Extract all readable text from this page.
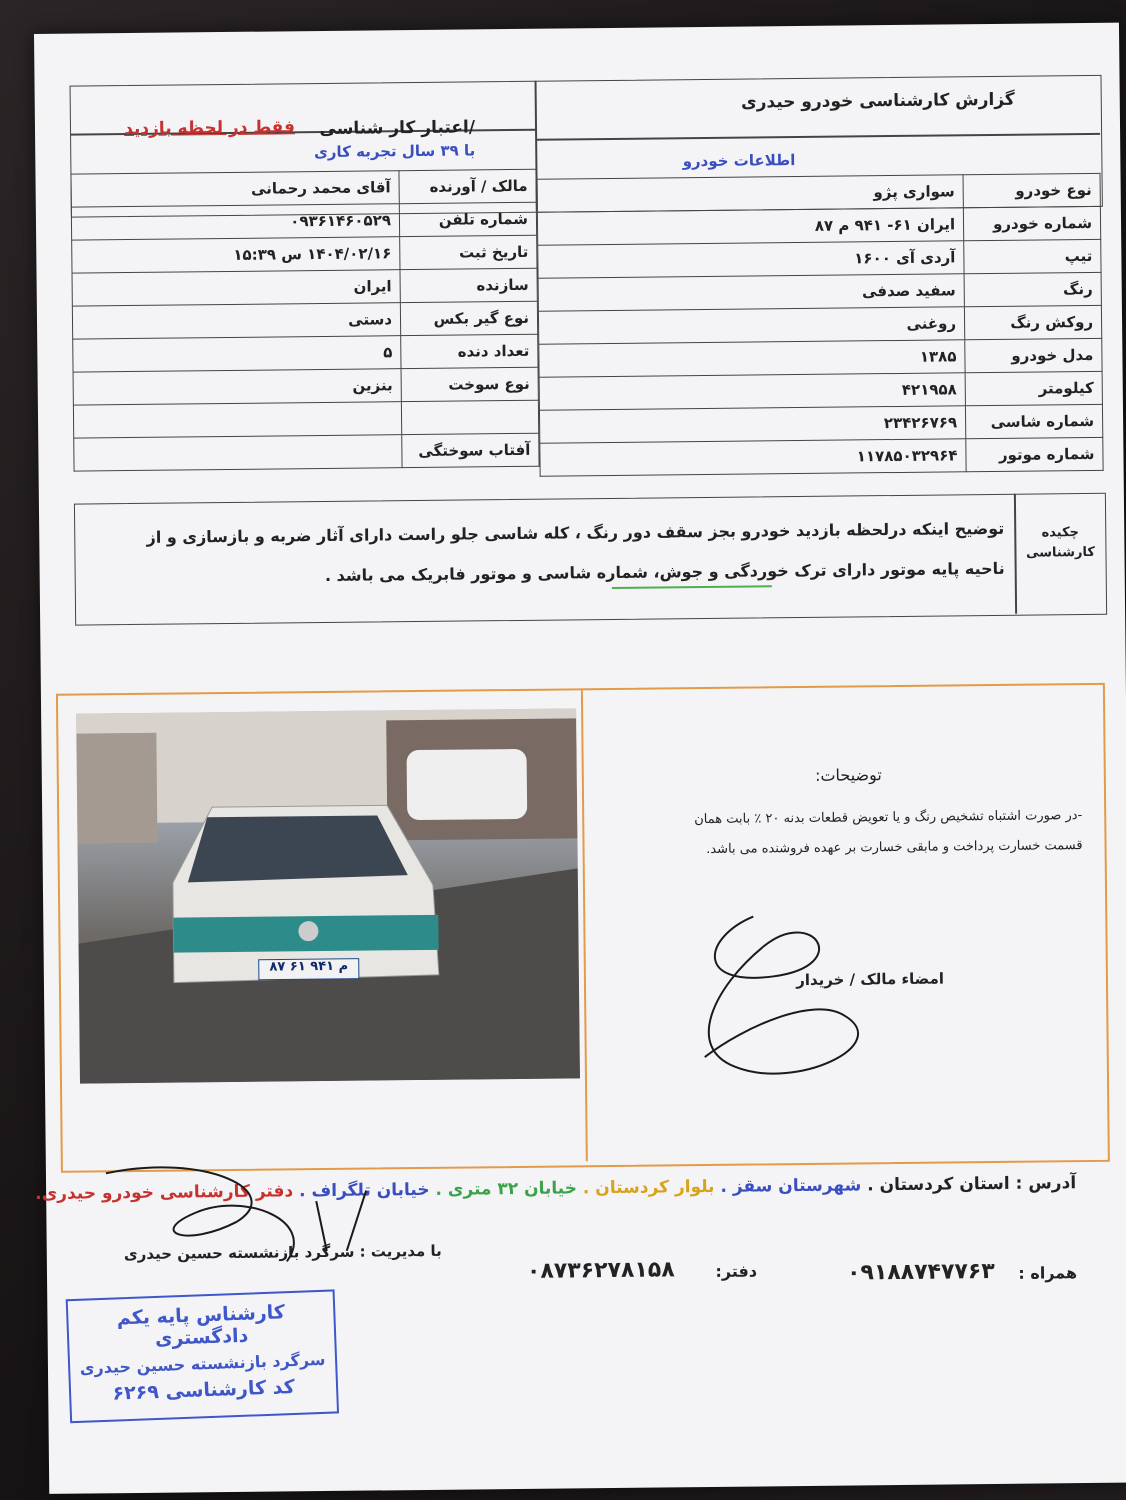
گزارش کارشناسی خودرو حیدری
اطلاعات خودرو
/اعتبار کار شناسی
فقط در لحظه بازدید
با ۳۹ سال تجربه کاری
مالک / آورنده	آقای محمد رحمانی
شماره تلفن	۰۹۳۶۱۴۶۰۵۲۹
تاریخ ثبت	۱۴۰۴/۰۲/۱۶ س ۱۵:۳۹
سازنده	ایران
نوع گیر بکس	دستی
تعداد دنده	۵
نوع سوخت	بنزین

آفتاب سوختگی	
نوع خودرو	سواری پژو
شماره خودرو	ایران ۶۱- ۹۴۱ م ۸۷
تیپ	آردی آی ۱۶۰۰
رنگ	سفید صدفی
روکش رنگ	روغنی
مدل خودرو	۱۳۸۵
کیلومتر	۴۲۱۹۵۸
شماره شاسی	۲۳۴۲۶۷۶۹
شماره موتور	۱۱۷۸۵۰۳۲۹۶۴
چکیده کارشناسی
توضیح اینکه درلحظه بازدید خودرو بجز سقف دور رنگ ، کله شاسی جلو راست دارای آثار ضربه و بازسازی و از
ناحیه پایه موتور دارای ترک خوردگی و جوش، شماره شاسی و موتور فابریک می باشد .
۸۷ م ۹۴۱ ۶۱
توضیحات:
-در صورت اشتباه تشخیص رنگ و یا تعویض قطعات بدنه ۲۰ ٪ بابت همان
قسمت خسارت پرداخت و مابقی خسارت بر عهده فروشنده می باشد.
امضاء مالک / خریدار
آدرس : استان کردستان . شهرستان سقز . بلوار کردستان . خیابان ۳۲ متری . خیابان تلگراف . دفتر کارشناسی خودرو حیدری.
با مدیریت : سرگرد بازنشسته حسین حیدری
دفتر:
۰۸۷۳۶۲۷۸۱۵۸	همراه :
۰۹۱۸۸۷۴۷۷۶۳
کارشناس پایه یکم دادگستری
سرگرد بازنشسته حسین حیدری
کد کارشناسی ۶۲۶۹
